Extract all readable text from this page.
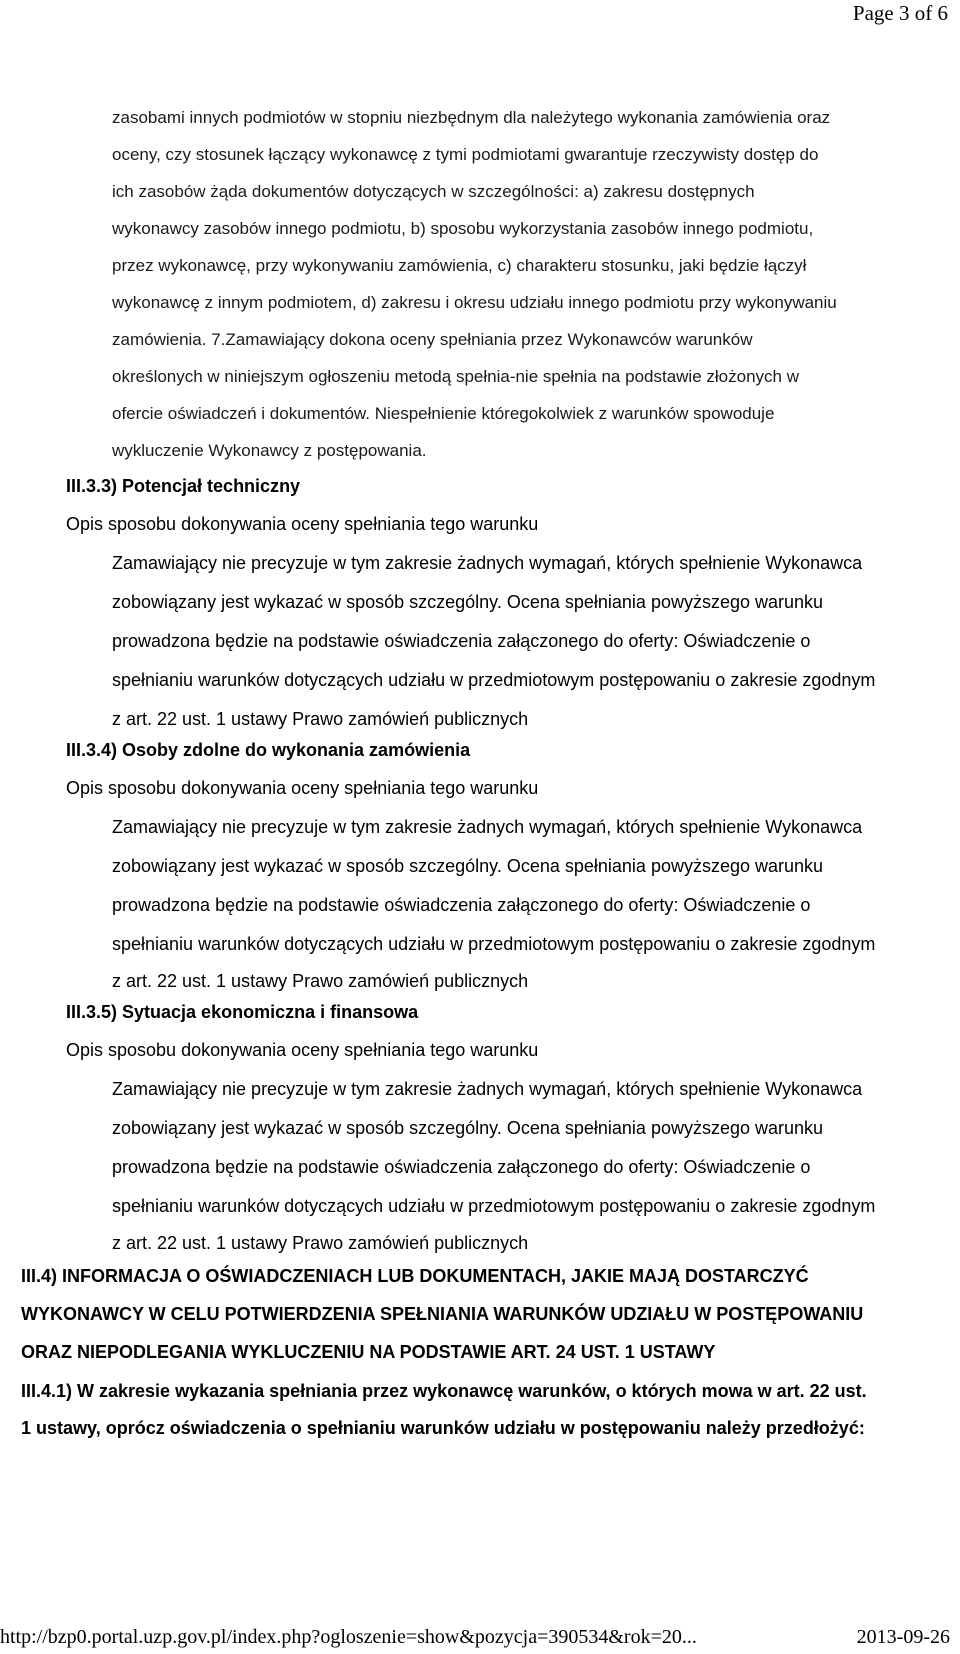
Page 3 of 6
zasobami innych podmiotów w stopniu niezbędnym dla należytego wykonania zamówienia oraz
oceny, czy stosunek łączący wykonawcę z tymi podmiotami gwarantuje rzeczywisty dostęp do
ich zasobów żąda dokumentów dotyczących w szczególności: a) zakresu dostępnych
wykonawcy zasobów innego podmiotu, b) sposobu wykorzystania zasobów innego podmiotu,
przez wykonawcę, przy wykonywaniu zamówienia, c) charakteru stosunku, jaki będzie łączył
wykonawcę z innym podmiotem, d) zakresu i okresu udziału innego podmiotu przy wykonywaniu
zamówienia. 7.Zamawiający dokona oceny spełniania przez Wykonawców warunków
określonych w niniejszym ogłoszeniu metodą spełnia-nie spełnia na podstawie złożonych w
ofercie oświadczeń i dokumentów. Niespełnienie któregokolwiek z warunków spowoduje
wykluczenie Wykonawcy z postępowania.
III.3.3) Potencjał techniczny
Opis sposobu dokonywania oceny spełniania tego warunku
Zamawiający nie precyzuje w tym zakresie żadnych wymagań, których spełnienie Wykonawca
zobowiązany jest wykazać w sposób szczególny. Ocena spełniania powyższego warunku
prowadzona będzie na podstawie oświadczenia załączonego do oferty: Oświadczenie o
spełnianiu warunków dotyczących udziału w przedmiotowym postępowaniu o zakresie zgodnym
z art. 22 ust. 1 ustawy Prawo zamówień publicznych
III.3.4) Osoby zdolne do wykonania zamówienia
Opis sposobu dokonywania oceny spełniania tego warunku
Zamawiający nie precyzuje w tym zakresie żadnych wymagań, których spełnienie Wykonawca
zobowiązany jest wykazać w sposób szczególny. Ocena spełniania powyższego warunku
prowadzona będzie na podstawie oświadczenia załączonego do oferty: Oświadczenie o
spełnianiu warunków dotyczących udziału w przedmiotowym postępowaniu o zakresie zgodnym
z art. 22 ust. 1 ustawy Prawo zamówień publicznych
III.3.5) Sytuacja ekonomiczna i finansowa
Opis sposobu dokonywania oceny spełniania tego warunku
Zamawiający nie precyzuje w tym zakresie żadnych wymagań, których spełnienie Wykonawca
zobowiązany jest wykazać w sposób szczególny. Ocena spełniania powyższego warunku
prowadzona będzie na podstawie oświadczenia załączonego do oferty: Oświadczenie o
spełnianiu warunków dotyczących udziału w przedmiotowym postępowaniu o zakresie zgodnym
z art. 22 ust. 1 ustawy Prawo zamówień publicznych
III.4) INFORMACJA O OŚWIADCZENIACH LUB DOKUMENTACH, JAKIE MAJĄ DOSTARCZYĆ
WYKONAWCY W CELU POTWIERDZENIA SPEŁNIANIA WARUNKÓW UDZIAŁU W POSTĘPOWANIU
ORAZ NIEPODLEGANIA WYKLUCZENIU NA PODSTAWIE ART. 24 UST. 1 USTAWY
III.4.1) W zakresie wykazania spełniania przez wykonawcę warunków, o których mowa w art. 22 ust.
1 ustawy, oprócz oświadczenia o spełnianiu warunków udziału w postępowaniu należy przedłożyć:
http://bzp0.portal.uzp.gov.pl/index.php?ogloszenie=show&pozycja=390534&rok=20...	2013-09-26
